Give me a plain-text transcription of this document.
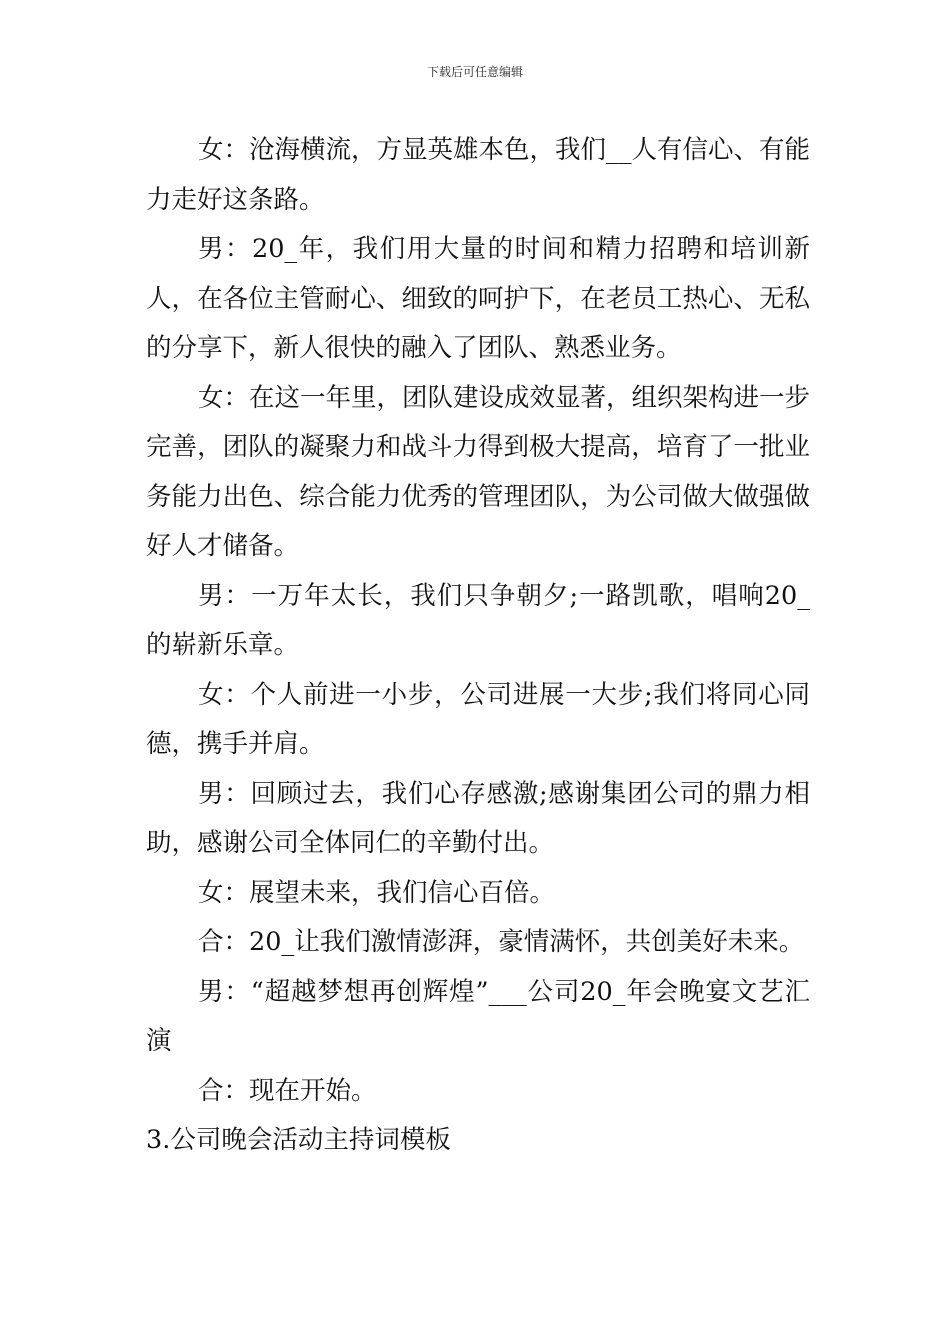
下载后可任意编辑

女：沧海横流，方显英雄本色，我们__人有信心、有能力走好这条路。

男：20_年，我们用大量的时间和精力招聘和培训新人，在各位主管耐心、细致的呵护下，在老员工热心、无私的分享下，新人很快的融入了团队、熟悉业务。

女：在这一年里，团队建设成效显著，组织架构进一步完善，团队的凝聚力和战斗力得到极大提高，培育了一批业务能力出色、综合能力优秀的管理团队，为公司做大做强做好人才储备。

男：一万年太长，我们只争朝夕;一路凯歌，唱响20_的崭新乐章。

女：个人前进一小步，公司进展一大步;我们将同心同德，携手并肩。

男：回顾过去，我们心存感激;感谢集团公司的鼎力相助，感谢公司全体同仁的辛勤付出。

女：展望未来，我们信心百倍。

合：20_让我们激情澎湃，豪情满怀，共创美好未来。

男：“超越梦想再创辉煌”___公司20_年会晚宴文艺汇演

合：现在开始。

3.公司晚会活动主持词模板
